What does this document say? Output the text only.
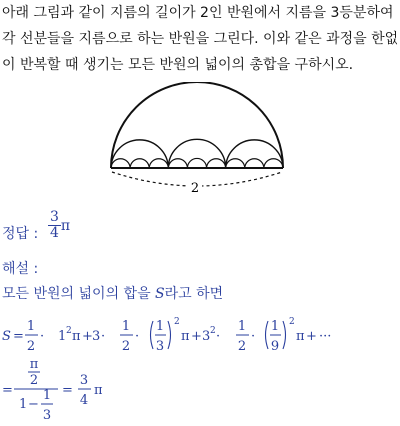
아래 그림과 같이 지름의 길이가 2인 반원에서 지름을 3등분하여
각 선분들을 지름으로 하는 반원을 그린다. 이와 같은 과정을 한없
이 반복할 때 생기는 모든 반원의 넓이의 총합을 구하시오.
2
정답 : $\frac{3}{4}$ π
해설 :
모든 반원의 넓이의 합을 S라고 하면
S =
1
2
· 1 2 π + 3 ·
1
2
·
1
3
2
π + 3 2 ·
1
2
·
1
9
2
π + ···
=
π
2
1 −
1
3
=
3
4
π
